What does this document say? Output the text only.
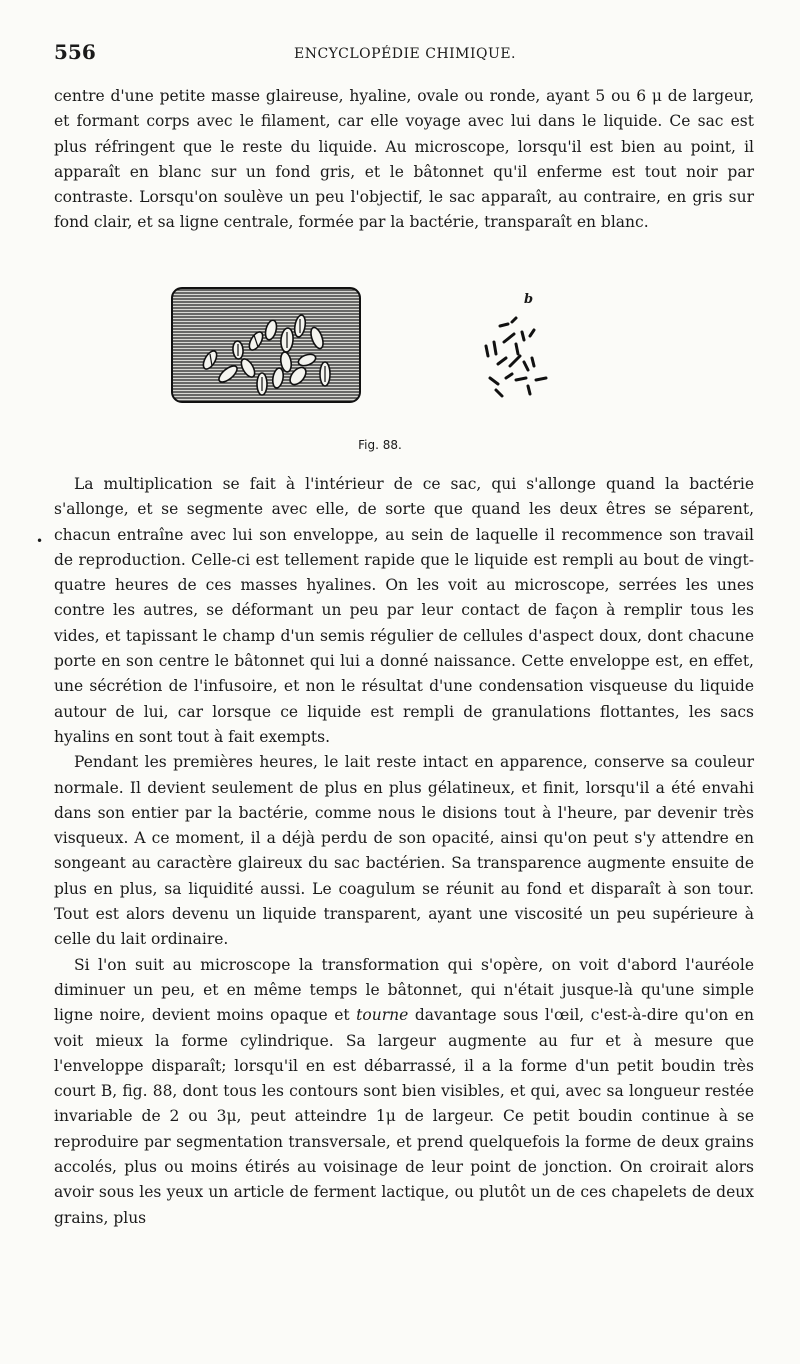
556	ENCYCLOPÉDIE CHIMIQUE.

centre d'une petite masse glaireuse, hyaline, ovale ou ronde, ayant 5 ou 6 μ de largeur, et formant corps avec le filament, car elle voyage avec lui dans le liquide. Ce sac est plus réfringent que le reste du liquide. Au microscope, lorsqu'il est bien au point, il apparaît en blanc sur un fond gris, et le bâtonnet qu'il enferme est tout noir par contraste. Lorsqu'on soulève un peu l'objectif, le sac apparaît, au contraire, en gris sur fond clair, et sa ligne centrale, formée par la bactérie, transparaît en blanc.

b
Fig. 88.
•

La multiplication se fait à l'intérieur de ce sac, qui s'allonge quand la bactérie s'allonge, et se segmente avec elle, de sorte que quand les deux êtres se séparent, chacun entraîne avec lui son enveloppe, au sein de laquelle il recommence son travail de reproduction. Celle-ci est tellement rapide que le liquide est rempli au bout de vingt-quatre heures de ces masses hyalines. On les voit au microscope, serrées les unes contre les autres, se déformant un peu par leur contact de façon à remplir tous les vides, et tapissant le champ d'un semis régulier de cellules d'aspect doux, dont chacune porte en son centre le bâtonnet qui lui a donné naissance. Cette enveloppe est, en effet, une sécrétion de l'infusoire, et non le résultat d'une condensation visqueuse du liquide autour de lui, car lorsque ce liquide est rempli de granulations flottantes, les sacs hyalins en sont tout à fait exempts.

Pendant les premières heures, le lait reste intact en apparence, conserve sa couleur normale. Il devient seulement de plus en plus gélatineux, et finit, lorsqu'il a été envahi dans son entier par la bactérie, comme nous le disions tout à l'heure, par devenir très visqueux. A ce moment, il a déjà perdu de son opacité, ainsi qu'on peut s'y attendre en songeant au caractère glaireux du sac bactérien. Sa transparence augmente ensuite de plus en plus, sa liquidité aussi. Le coagulum se réunit au fond et disparaît à son tour. Tout est alors devenu un liquide transparent, ayant une viscosité un peu supérieure à celle du lait ordinaire.

Si l'on suit au microscope la transformation qui s'opère, on voit d'abord l'auréole diminuer un peu, et en même temps le bâtonnet, qui n'était jusque-là qu'une simple ligne noire, devient moins opaque et tourne davantage sous l'œil, c'est-à-dire qu'on en voit mieux la forme cylindrique. Sa largeur augmente au fur et à mesure que l'enveloppe disparaît; lorsqu'il en est débarrassé, il a la forme d'un petit boudin très court B, fig. 88, dont tous les contours sont bien visibles, et qui, avec sa longueur restée invariable de 2 ou 3μ, peut atteindre 1μ de largeur. Ce petit boudin continue à se reproduire par segmentation transversale, et prend quelquefois la forme de deux grains accolés, plus ou moins étirés au voisinage de leur point de jonction. On croirait alors avoir sous les yeux un article de ferment lactique, ou plutôt un de ces chapelets de deux grains, plus
